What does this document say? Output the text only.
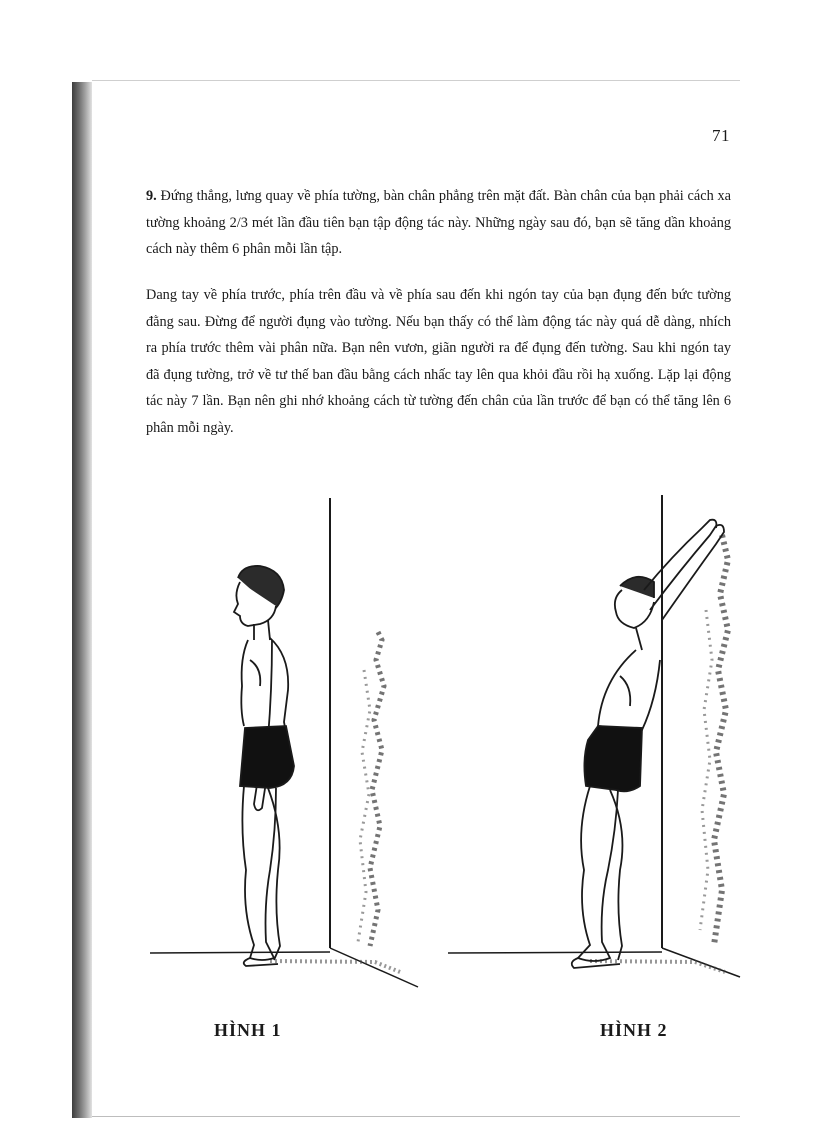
71

9. Đứng thẳng, lưng quay về phía tường, bàn chân phẳng trên mặt đất. Bàn chân của bạn phải cách xa tường khoảng 2/3 mét lần đầu tiên bạn tập động tác này. Những ngày sau đó, bạn sẽ tăng dần khoảng cách này thêm 6 phân mỗi lần tập.

Dang tay về phía trước, phía trên đầu và về phía sau đến khi ngón tay của bạn đụng đến bức tường đằng sau. Đừng để người đụng vào tường. Nếu bạn thấy có thể làm động tác này quá dễ dàng, nhích ra phía trước thêm vài phân nữa. Bạn nên vươn, giãn người ra để đụng đến tường. Sau khi ngón tay đã đụng tường, trở về tư thế ban đầu bằng cách nhấc tay lên qua khỏi đầu rồi hạ xuống. Lặp lại động tác này 7 lần. Bạn nên ghi nhớ khoảng cách từ tường đến chân của lần trước để bạn có thể tăng lên 6 phân mỗi ngày.

HÌNH 1	HÌNH 2
